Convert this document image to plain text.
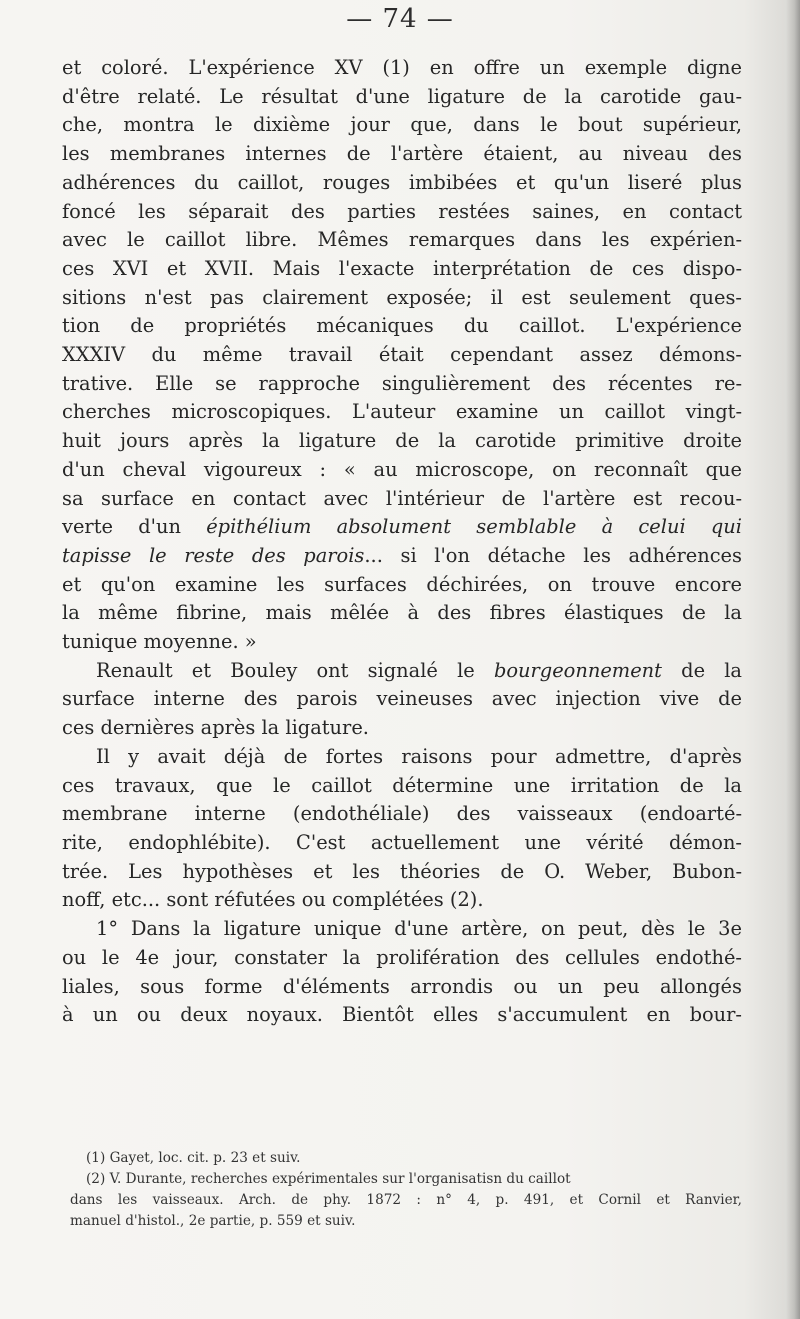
— 74 —
et coloré. L'expérience XV (1) en offre un exemple digne
d'être relaté. Le résultat d'une ligature de la carotide gau-
che, montra le dixième jour que, dans le bout supérieur,
les membranes internes de l'artère étaient, au niveau des
adhérences du caillot, rouges imbibées et qu'un liseré plus
foncé les séparait des parties restées saines, en contact
avec le caillot libre. Mêmes remarques dans les expérien-
ces XVI et XVII. Mais l'exacte interprétation de ces dispo-
sitions n'est pas clairement exposée; il est seulement ques-
tion de propriétés mécaniques du caillot. L'expérience
XXXIV du même travail était cependant assez démons-
trative. Elle se rapproche singulièrement des récentes re-
cherches microscopiques. L'auteur examine un caillot vingt-
huit jours après la ligature de la carotide primitive droite
d'un cheval vigoureux : « au microscope, on reconnaît que
sa surface en contact avec l'intérieur de l'artère est recou-
verte d'un épithélium absolument semblable à celui qui
tapisse le reste des parois... si l'on détache les adhérences
et qu'on examine les surfaces déchirées, on trouve encore
la même fibrine, mais mêlée à des fibres élastiques de la
tunique moyenne. »
Renault et Bouley ont signalé le bourgeonnement de la
surface interne des parois veineuses avec injection vive de
ces dernières après la ligature.
Il y avait déjà de fortes raisons pour admettre, d'après
ces travaux, que le caillot détermine une irritation de la
membrane interne (endothéliale) des vaisseaux (endoarté-
rite, endophlébite). C'est actuellement une vérité démon-
trée. Les hypothèses et les théories de O. Weber, Bubon-
noff, etc... sont réfutées ou complétées (2).
1° Dans la ligature unique d'une artère, on peut, dès le 3e
ou le 4e jour, constater la prolifération des cellules endothé-
liales, sous forme d'éléments arrondis ou un peu allongés
à un ou deux noyaux. Bientôt elles s'accumulent en bour-
(1) Gayet, loc. cit. p. 23 et suiv.
(2) V. Durante, recherches expérimentales sur l'organisatisn du caillot
dans les vaisseaux. Arch. de phy. 1872 : n° 4, p. 491, et Cornil et Ranvier,
manuel d'histol., 2e partie, p. 559 et suiv.
